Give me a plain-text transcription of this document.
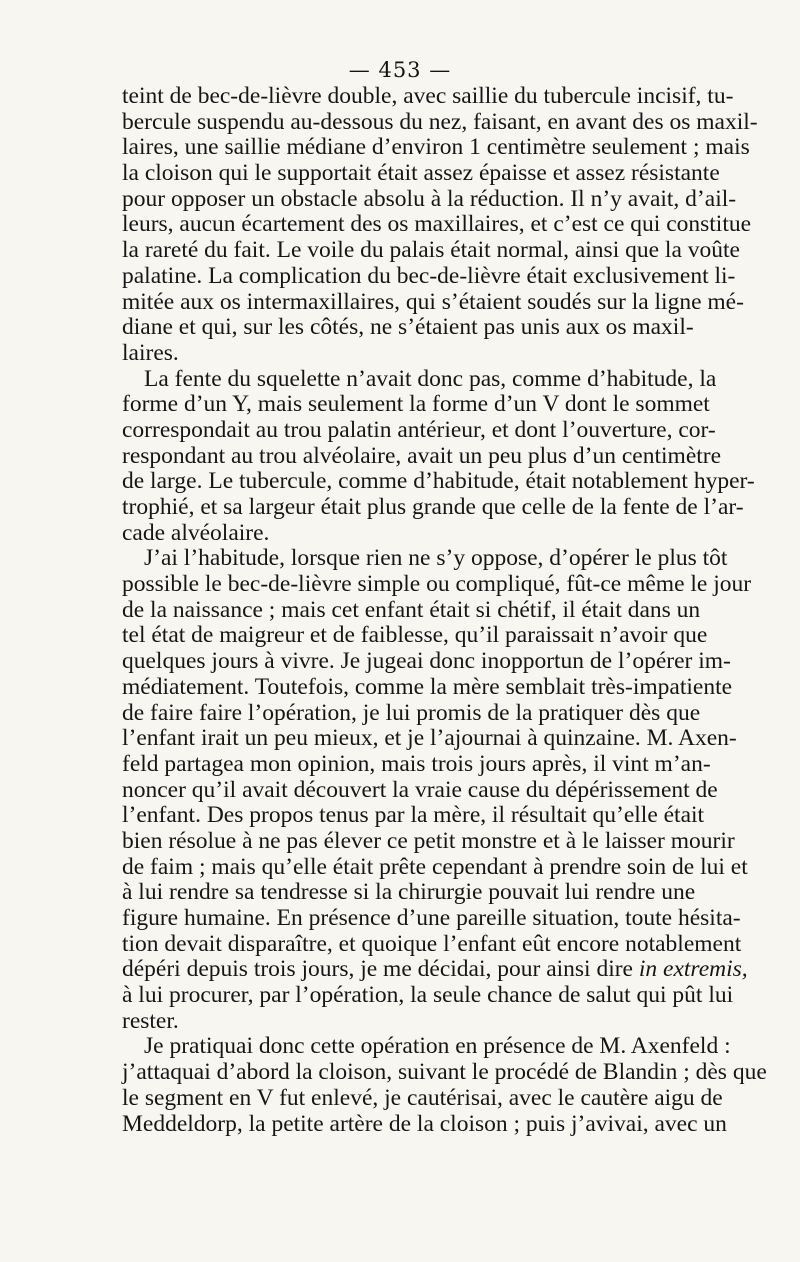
— 453 —
teint de bec-de-lièvre double, avec saillie du tubercule incisif, tu-
bercule suspendu au-dessous du nez, faisant, en avant des os maxil-
laires, une saillie médiane d’environ 1 centimètre seulement ; mais
la cloison qui le supportait était assez épaisse et assez résistante
pour opposer un obstacle absolu à la réduction. Il n’y avait, d’ail-
leurs, aucun écartement des os maxillaires, et c’est ce qui constitue
la rareté du fait. Le voile du palais était normal, ainsi que la voûte
palatine. La complication du bec-de-lièvre était exclusivement li-
mitée aux os intermaxillaires, qui s’étaient soudés sur la ligne mé-
diane et qui, sur les côtés, ne s’étaient pas unis aux os maxil-
laires.
La fente du squelette n’avait donc pas, comme d’habitude, la
forme d’un Y, mais seulement la forme d’un V dont le sommet
correspondait au trou palatin antérieur, et dont l’ouverture, cor-
respondant au trou alvéolaire, avait un peu plus d’un centimètre
de large. Le tubercule, comme d’habitude, était notablement hyper-
trophié, et sa largeur était plus grande que celle de la fente de l’ar-
cade alvéolaire.
J’ai l’habitude, lorsque rien ne s’y oppose, d’opérer le plus tôt
possible le bec-de-lièvre simple ou compliqué, fût-ce même le jour
de la naissance ; mais cet enfant était si chétif, il était dans un
tel état de maigreur et de faiblesse, qu’il paraissait n’avoir que
quelques jours à vivre. Je jugeai donc inopportun de l’opérer im-
médiatement. Toutefois, comme la mère semblait très-impatiente
de faire faire l’opération, je lui promis de la pratiquer dès que
l’enfant irait un peu mieux, et je l’ajournai à quinzaine. M. Axen-
feld partagea mon opinion, mais trois jours après, il vint m’an-
noncer qu’il avait découvert la vraie cause du dépérissement de
l’enfant. Des propos tenus par la mère, il résultait qu’elle était
bien résolue à ne pas élever ce petit monstre et à le laisser mourir
de faim ; mais qu’elle était prête cependant à prendre soin de lui et
à lui rendre sa tendresse si la chirurgie pouvait lui rendre une
figure humaine. En présence d’une pareille situation, toute hésita-
tion devait disparaître, et quoique l’enfant eût encore notablement
dépéri depuis trois jours, je me décidai, pour ainsi dire in extremis,
à lui procurer, par l’opération, la seule chance de salut qui pût lui
rester.
Je pratiquai donc cette opération en présence de M. Axenfeld :
j’attaquai d’abord la cloison, suivant le procédé de Blandin ; dès que
le segment en V fut enlevé, je cautérisai, avec le cautère aigu de
Meddeldorp, la petite artère de la cloison ; puis j’avivai, avec un
